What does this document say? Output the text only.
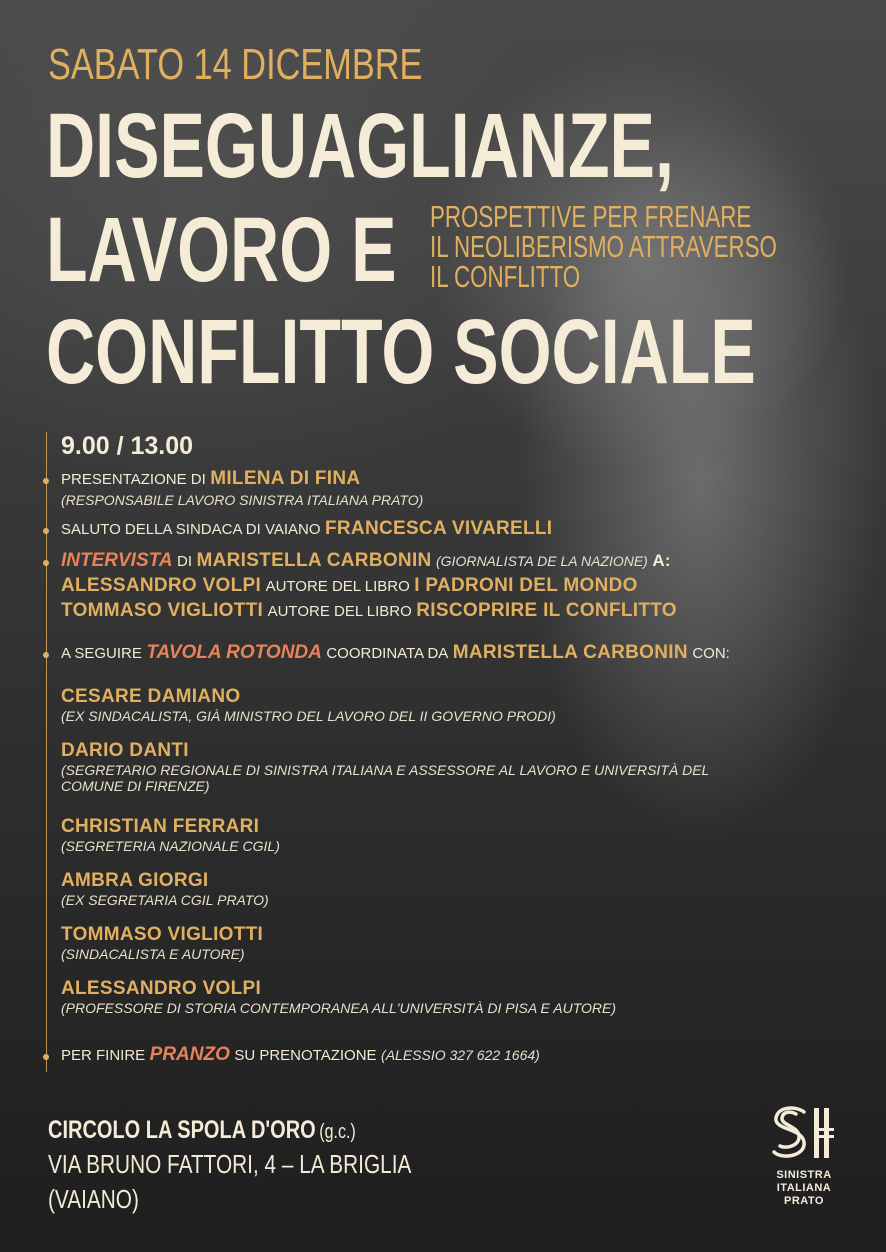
SABATO 14 DICEMBRE
DISEGUAGLIANZE,
LAVORO E
CONFLITTO SOCIALE
PROSPETTIVE PER FRENARE
IL NEOLIBERISMO ATTRAVERSO
IL CONFLITTO
9.00 / 13.00
PRESENTAZIONE DI MILENA DI FINA
(RESPONSABILE LAVORO SINISTRA ITALIANA PRATO)
SALUTO DELLA SINDACA DI VAIANO FRANCESCA VIVARELLI
INTERVISTA DI MARISTELLA CARBONIN (GIORNALISTA DE LA NAZIONE) A:
ALESSANDRO VOLPI AUTORE DEL LIBRO I PADRONI DEL MONDO
TOMMASO VIGLIOTTI AUTORE DEL LIBRO RISCOPRIRE IL CONFLITTO
A SEGUIRE TAVOLA ROTONDA COORDINATA DA MARISTELLA CARBONIN CON:
CESARE DAMIANO
(EX SINDACALISTA, GIÀ MINISTRO DEL LAVORO DEL II GOVERNO PRODI)
DARIO DANTI
(SEGRETARIO REGIONALE DI SINISTRA ITALIANA E ASSESSORE AL LAVORO E UNIVERSITÀ DEL
COMUNE DI FIRENZE)
CHRISTIAN FERRARI
(SEGRETERIA NAZIONALE CGIL)
AMBRA GIORGI
(EX SEGRETARIA CGIL PRATO)
TOMMASO VIGLIOTTI
(SINDACALISTA E AUTORE)
ALESSANDRO VOLPI
(PROFESSORE DI STORIA CONTEMPORANEA ALL'UNIVERSITÀ DI PISA E AUTORE)
PER FINIRE PRANZO SU PRENOTAZIONE (ALESSIO 327 622 1664)
CIRCOLO LA SPOLA D'ORO (g.c.)
VIA BRUNO FATTORI, 4 – LA BRIGLIA
(VAIANO)
SINISTRA
ITALIANA
PRATO
